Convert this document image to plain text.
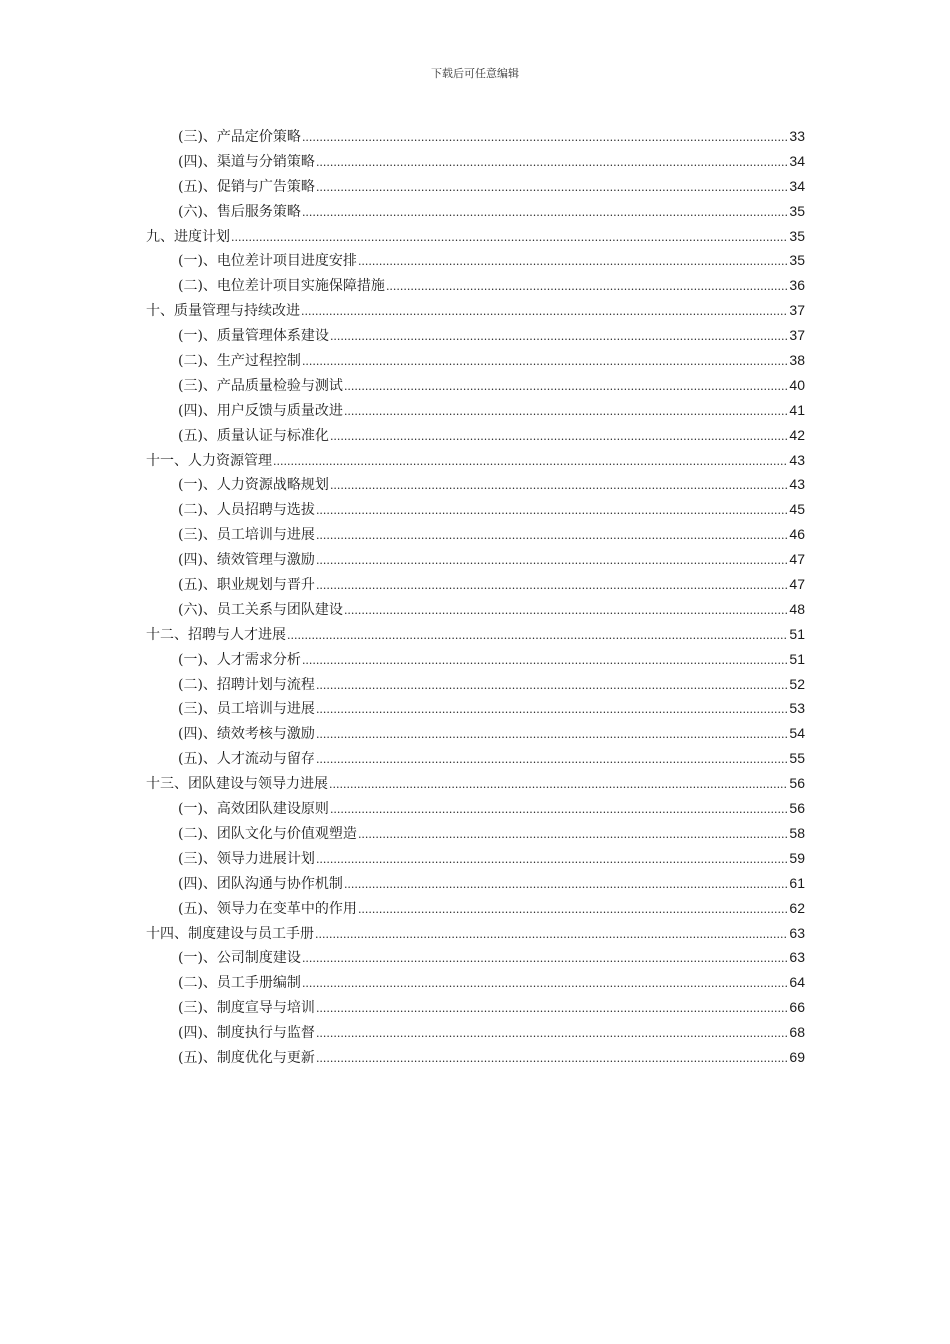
下载后可任意编辑
(三)、产品定价策略 .....	33
(四)、渠道与分销策略 .....	34
(五)、促销与广告策略 .....	34
(六)、售后服务策略 .....	35
九、进度计划 .....	35
(一)、电位差计项目进度安排 .....	35
(二)、电位差计项目实施保障措施 .....	36
十、质量管理与持续改进 .....	37
(一)、质量管理体系建设 .....	37
(二)、生产过程控制 .....	38
(三)、产品质量检验与测试 .....	40
(四)、用户反馈与质量改进 .....	41
(五)、质量认证与标准化 .....	42
十一、人力资源管理 .....	43
(一)、人力资源战略规划 .....	43
(二)、人员招聘与选拔 .....	45
(三)、员工培训与进展 .....	46
(四)、绩效管理与激励 .....	47
(五)、职业规划与晋升 .....	47
(六)、员工关系与团队建设 .....	48
十二、招聘与人才进展 .....	51
(一)、人才需求分析 .....	51
(二)、招聘计划与流程 .....	52
(三)、员工培训与进展 .....	53
(四)、绩效考核与激励 .....	54
(五)、人才流动与留存 .....	55
十三、团队建设与领导力进展 .....	56
(一)、高效团队建设原则 .....	56
(二)、团队文化与价值观塑造 .....	58
(三)、领导力进展计划 .....	59
(四)、团队沟通与协作机制 .....	61
(五)、领导力在变革中的作用 .....	62
十四、制度建设与员工手册 .....	63
(一)、公司制度建设 .....	63
(二)、员工手册编制 .....	64
(三)、制度宣导与培训 .....	66
(四)、制度执行与监督 .....	68
(五)、制度优化与更新 .....	69
